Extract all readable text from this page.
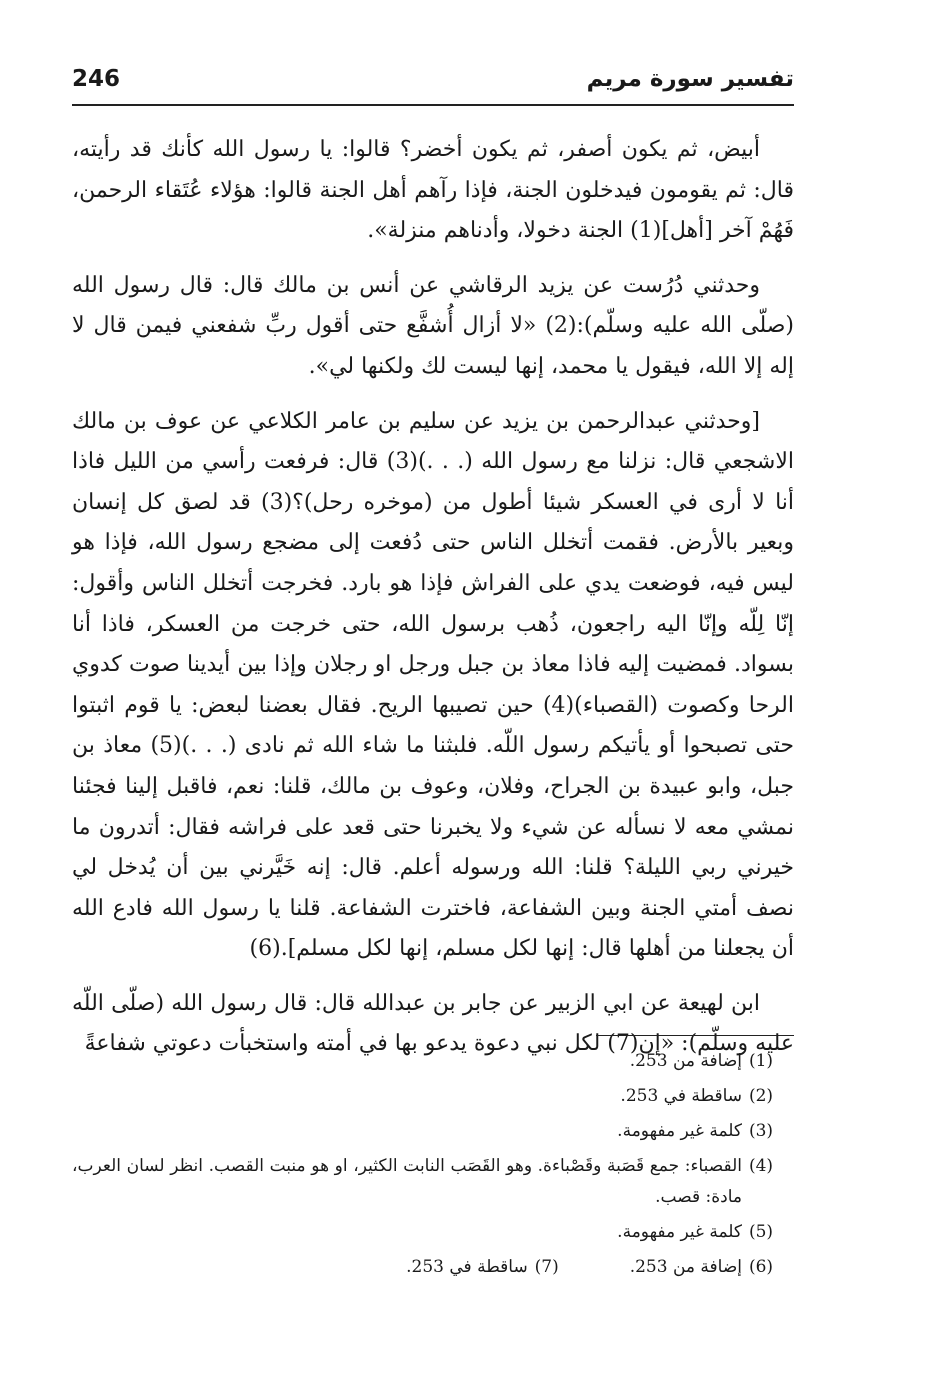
تفسير سورة مريم
246

أبيض، ثم يكون أصفر، ثم يكون أخضر؟ قالوا: يا رسول الله كأنك قد رأيته، قال: ثم يقومون فيدخلون الجنة، فإذا رآهم أهل الجنة قالوا: هؤلاء عُتَقاء الرحمن، فَهُمْ آخر [أهل](1) الجنة دخولا، وأدناهم منزلة».

وحدثني دُرُست عن يزيد الرقاشي عن أنس بن مالك قال: قال رسول الله (صلّى الله عليه وسلّم):(2) «لا أزال أُشفَّع حتى أقول ربِّ شفعني فيمن قال لا إله إلا الله، فيقول يا محمد، إنها ليست لك ولكنها لي».

[وحدثني عبدالرحمن بن يزيد عن سليم بن عامر الكلاعي عن عوف بن مالك الاشجعي قال: نزلنا مع رسول الله (. . .)(3) قال: فرفعت رأسي من الليل فاذا أنا لا أرى في العسكر شيئا أطول من (موخره رحل)؟(3) قد لصق كل إنسان وبعير بالأرض. فقمت أتخلل الناس حتى دُفعت إلى مضجع رسول الله، فإذا هو ليس فيه، فوضعت يدي على الفراش فإذا هو بارد. فخرجت أتخلل الناس وأقول: إنّا لِلّه وإنّا اليه راجعون، ذُهب برسول الله، حتى خرجت من العسكر، فاذا أنا بسواد. فمضيت إليه فاذا معاذ بن جبل ورجل او رجلان وإذا بين أيدينا صوت كدوي الرحا وكصوت (القصباء)(4) حين تصيبها الريح. فقال بعضنا لبعض: يا قوم اثبتوا حتى تصبحوا أو يأتيكم رسول اللّه. فلبثنا ما شاء الله ثم نادى (. . .)(5) معاذ بن جبل، وابو عبيدة بن الجراح، وفلان، وعوف بن مالك، قلنا: نعم، فاقبل إلينا فجئنا نمشي معه لا نسأله عن شيء ولا يخبرنا حتى قعد على فراشه فقال: أتدرون ما خيرني ربي الليلة؟ قلنا: الله ورسوله أعلم. قال: إنه خَيَّرني بين أن يُدخل لي نصف أمتي الجنة وبين الشفاعة، فاخترت الشفاعة. قلنا يا رسول الله فادع الله أن يجعلنا من أهلها قال: إنها لكل مسلم، إنها لكل مسلم].(6)

ابن لهيعة عن ابي الزبير عن جابر بن عبدالله قال: قال رسول الله (صلّى اللّه عليه وسلّم): «إن(7) لكل نبي دعوة يدعو بها في أمته واستخبأت دعوتي شفاعةً

(1)
إضافة من 253.
(2)
ساقطة في 253.
(3)
كلمة غير مفهومة.
(4)
القصباء: جمع قَصَبة وقَصْباءة. وهو القَصَب النابت الكثير، او هو منبت القصب. انظر لسان العرب، مادة: قصب.
(5)
كلمة غير مفهومة.
(6)
إضافة من 253.
(7)
ساقطة في 253.
